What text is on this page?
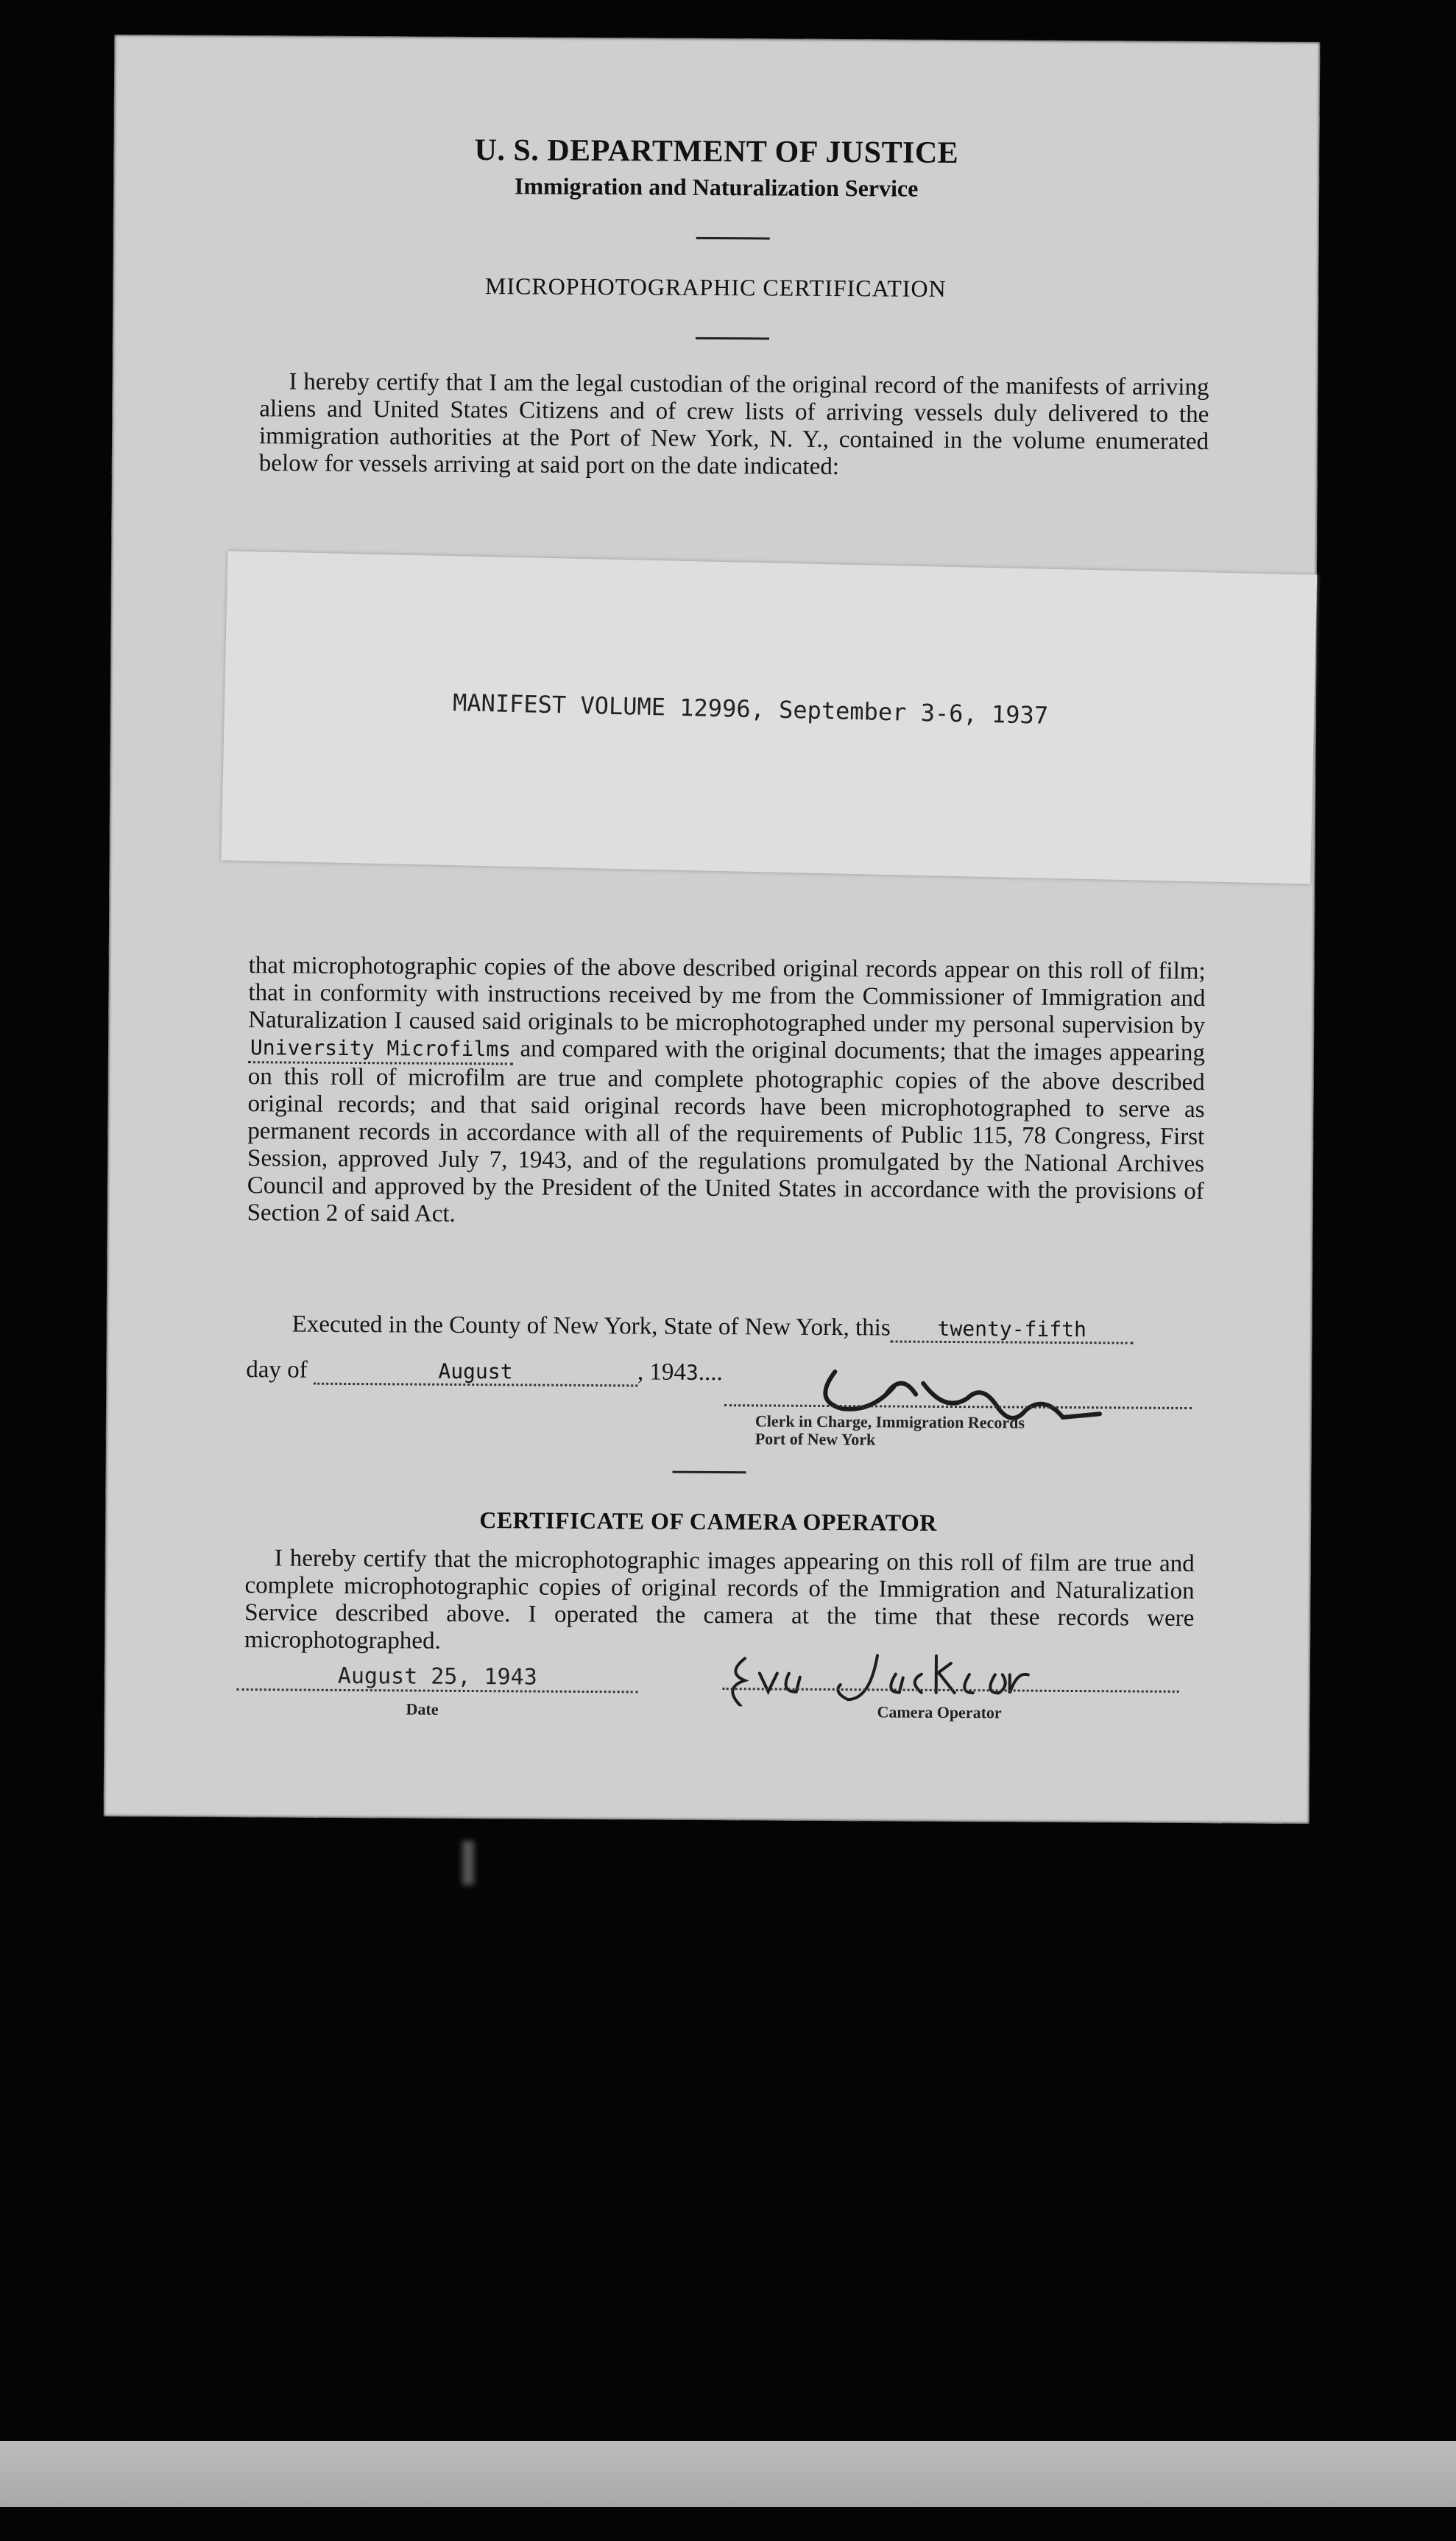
U. S. DEPARTMENT OF JUSTICE
Immigration and Naturalization Service
MICROPHOTOGRAPHIC CERTIFICATION
I hereby certify that I am the legal custodian of the original record of the manifests of arriving aliens and United States Citizens and of crew lists of arriving vessels duly delivered to the immigration authorities at the Port of New York, N. Y., contained in the volume enumerated below for vessels arriving at said port on the date indicated:
MANIFEST VOLUME 12996, September 3-6, 1937
that microphotographic copies of the above described original records appear on this roll of film; that in conformity with instructions received by me from the Commissioner of Immigration and Naturalization I caused said originals to be microphotographed under my personal supervision byUniversity Microfilms and compared with the original documents; that the images appearing on this roll of microfilm are true and complete photographic copies of the above described original records; and that said original records have been microphotographed to serve as permanent records in accordance with all of the requirements of Public 115, 78 Congress, First Session, approved July 7, 1943, and of the regulations promulgated by the National Archives Council and approved by the President of the United States in accordance with the provisions of Section 2 of said Act.
Executed in the County of New York, State of New York, this twenty-fifth
day of	August	, 1943....
Clerk in Charge, Immigration Records
Port of New York
CERTIFICATE OF CAMERA OPERATOR
I hereby certify that the microphotographic images appearing on this roll of film are true and complete microphotographic copies of original records of the Immigration and Naturalization Service described above. I operated the camera at the time that these records were microphotographed.
August 25, 1943
Date	Camera Operator
